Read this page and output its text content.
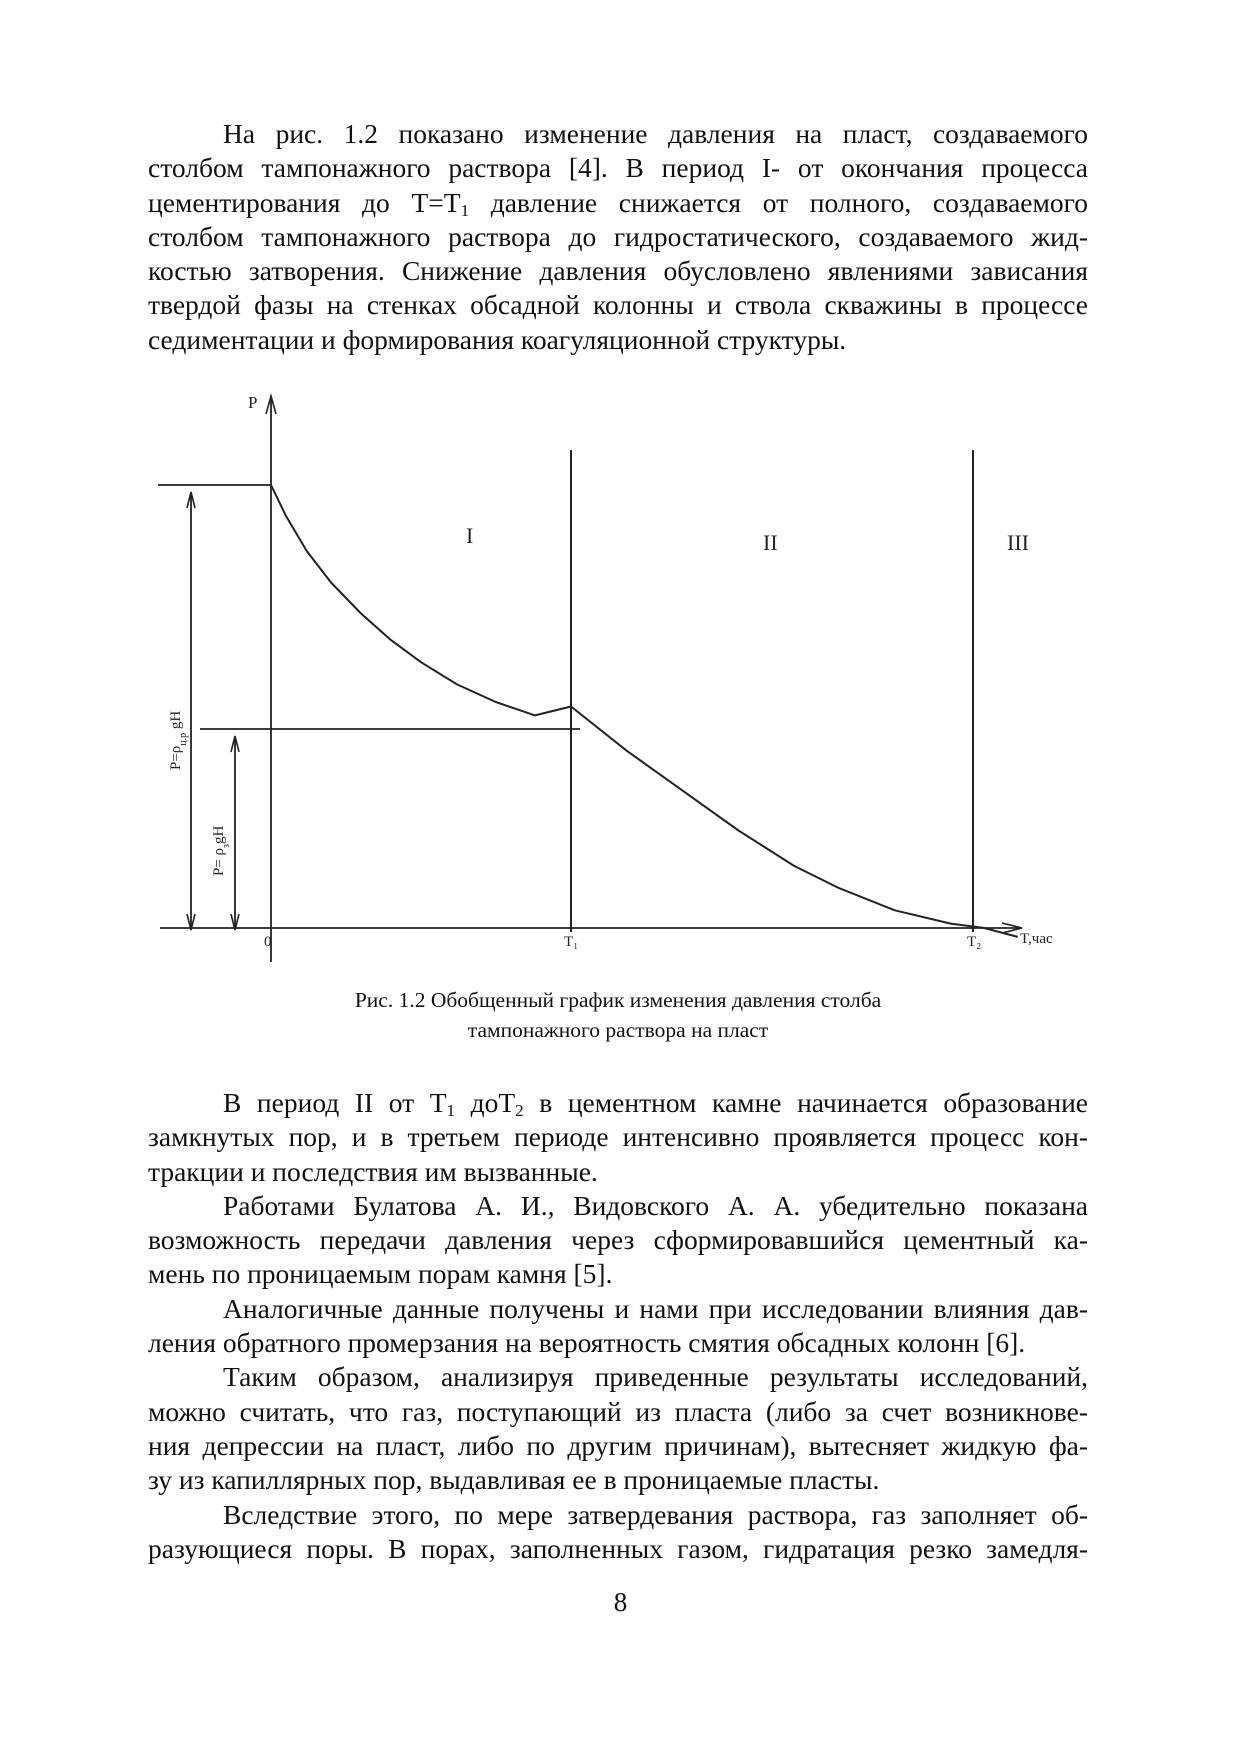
На рис. 1.2 показано изменение давления на пласт, создаваемого
столбом тампонажного раствора [4]. В период I- от окончания процесса
цементирования до $T=T_1$ давление снижается от полного, создаваемого
столбом тампонажного раствора до гидростатического, создаваемого жид-
костью затворения. Снижение давления обусловлено явлениями зависания
твердой фазы на стенках обсадной колонны и ствола скважины в процессе
седиментации и формирования коагуляционной структуры.

P
T,час
0	T₁	T₂
I	II	III
$P=\rho_{ц.р}$ gH
$P= \rho_зgH$
Рис. 1.2 Обобщенный график изменения давления столба
тампонажного раствора на пласт

В период II от $T_1$ доT$_2$ в цементном камне начинается образование
замкнутых пор, и в третьем периоде интенсивно проявляется процесс кон-
тракции и последствия им вызванные.

Работами Булатова А. И., Видовского А. А. убедительно показана
возможность передачи давления через сформировавшийся цементный ка-
мень по проницаемым порам камня [5].

Аналогичные данные получены и нами при исследовании влияния дав-
ления обратного промерзания на вероятность смятия обсадных колонн [6].

Таким образом, анализируя приведенные результаты исследований,
можно считать, что газ, поступающий из пласта (либо за счет возникнове-
ния депрессии на пласт, либо по другим причинам), вытесняет жидкую фа-
зу из капиллярных пор, выдавливая ее в проницаемые пласты.

Вследствие этого, по мере затвердевания раствора, газ заполняет об-
разующиеся поры. В порах, заполненных газом, гидратация резко замедля-

8
